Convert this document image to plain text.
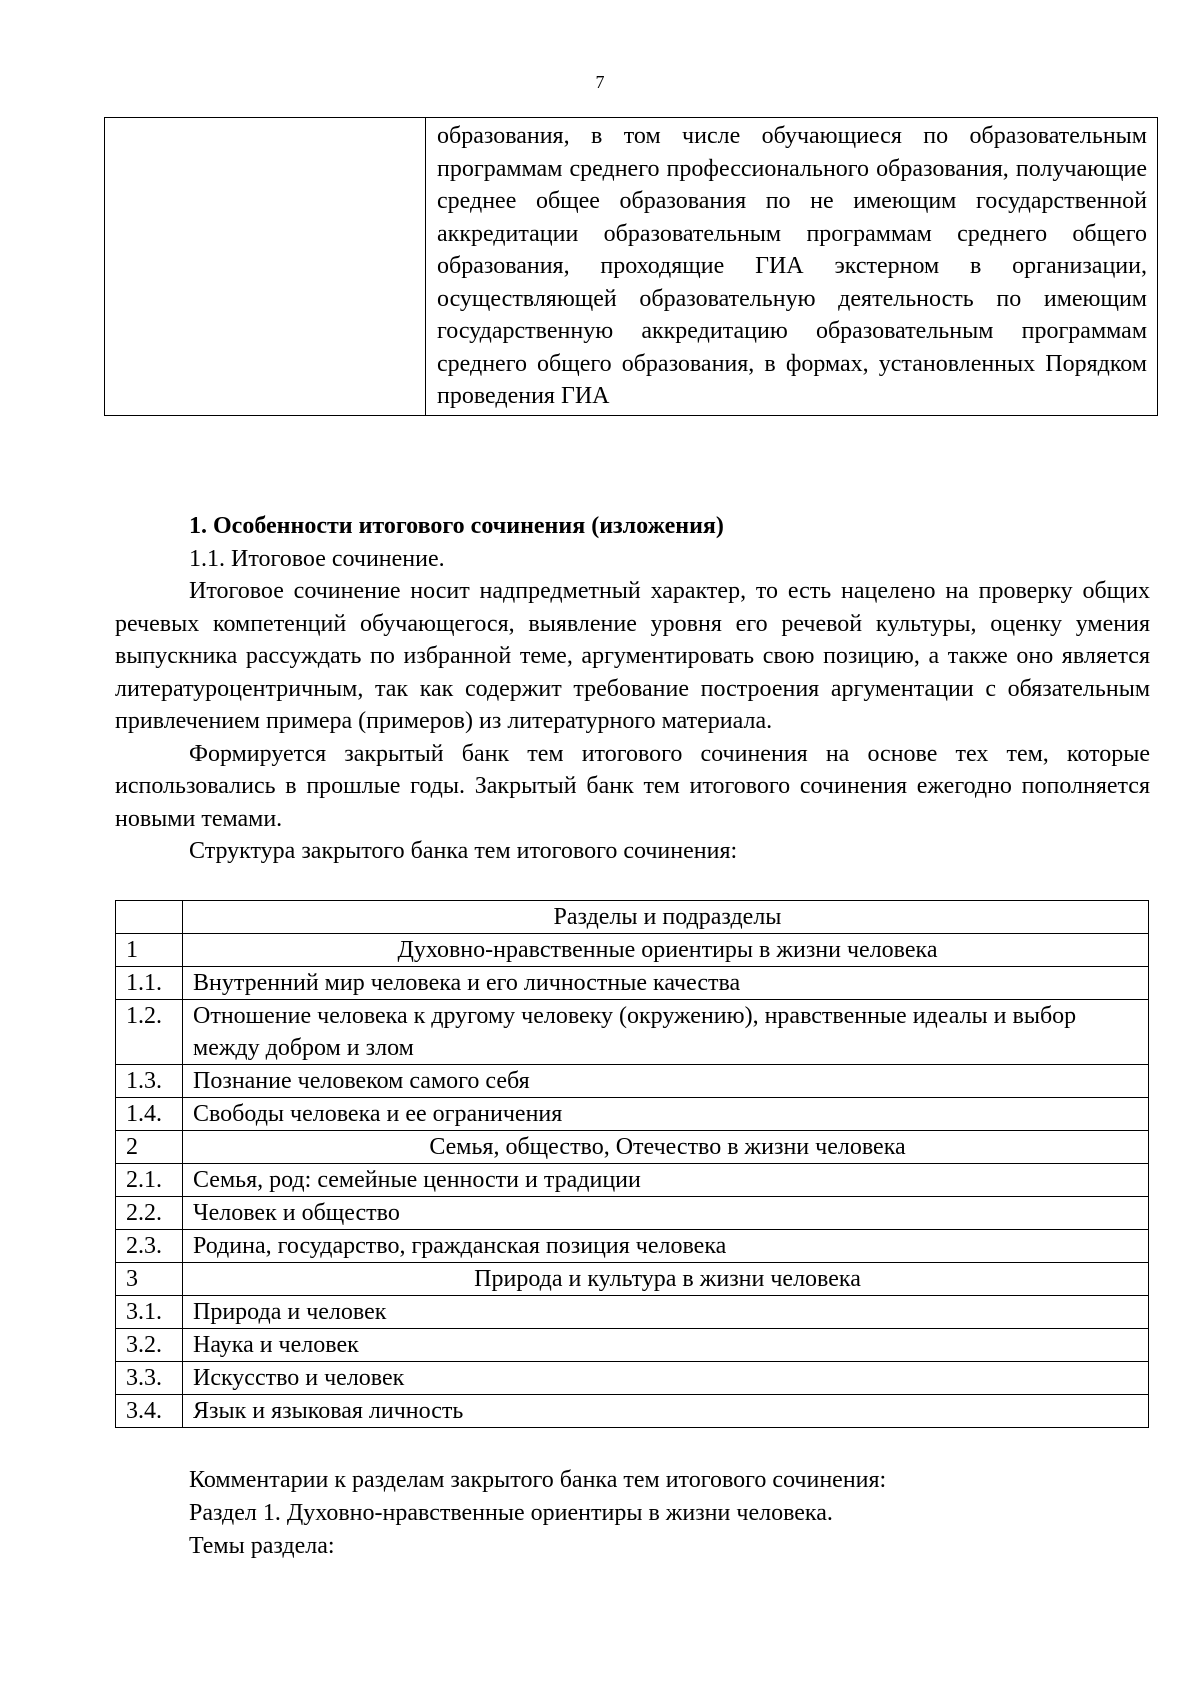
7
	образования, в том числе обучающиеся по образовательным программам среднего профессионального образования, получающие среднее общее образования по не имеющим государственной аккредитации образовательным программам среднего общего образования, проходящие ГИА экстерном в организации, осуществляющей образовательную деятельность по имеющим государственную аккредитацию образовательным программам среднего общего образования, в формах, установленных Порядком проведения ГИА

1. Особенности итогового сочинения (изложения)

1.1. Итоговое сочинение.

Итоговое сочинение носит надпредметный характер, то есть нацелено на проверку общих речевых компетенций обучающегося, выявление уровня его речевой культуры, оценку умения выпускника рассуждать по избранной теме, аргументировать свою позицию, а также оно является литературоцентричным, так как содержит требование построения аргументации с обязательным привлечением примера (примеров) из литературного материала.

Формируется закрытый банк тем итогового сочинения на основе тех тем, которые использовались в прошлые годы. Закрытый банк тем итогового сочинения ежегодно пополняется новыми темами.

Структура закрытого банка тем итогового сочинения:

	Разделы и подразделы
1	Духовно-нравственные ориентиры в жизни человека
1.1.	Внутренний мир человека и его личностные качества
1.2.	Отношение человека к другому человеку (окружению), нравственные идеалы и выбор между добром и злом
1.3.	Познание человеком самого себя
1.4.	Свободы человека и ее ограничения
2	Семья, общество, Отечество в жизни человека
2.1.	Семья, род: семейные ценности и традиции
2.2.	Человек и общество
2.3.	Родина, государство, гражданская позиция человека
3	Природа и культура в жизни человека
3.1.	Природа и человек
3.2.	Наука и человек
3.3.	Искусство и человек
3.4.	Язык и языковая личность

Комментарии к разделам закрытого банка тем итогового сочинения:

Раздел 1. Духовно-нравственные ориентиры в жизни человека.

Темы раздела:
